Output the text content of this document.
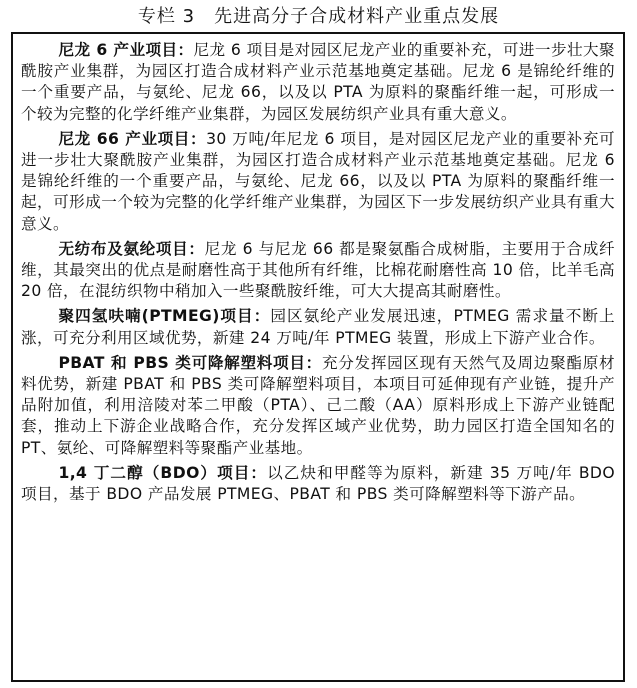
专栏 3　先进高分子合成材料产业重点发展

尼龙 6 产业项目：尼龙 6 项目是对园区尼龙产业的重要补充，可进一步壮大聚酰胺产业集群，为园区打造合成材料产业示范基地奠定基础。尼龙 6 是锦纶纤维的一个重要产品，与氨纶、尼龙 66，以及以 PTA 为原料的聚酯纤维一起，可形成一个较为完整的化学纤维产业集群，为园区发展纺织产业具有重大意义。

尼龙 66 产业项目：30 万吨/年尼龙 6 项目，是对园区尼龙产业的重要补充可进一步壮大聚酰胺产业集群，为园区打造合成材料产业示范基地奠定基础。尼龙 6 是锦纶纤维的一个重要产品，与氨纶、尼龙 66，以及以 PTA 为原料的聚酯纤维一起，可形成一个较为完整的化学纤维产业集群，为园区下一步发展纺织产业具有重大意义。

无纺布及氨纶项目：尼龙 6 与尼龙 66 都是聚氨酯合成树脂，主要用于合成纤维，其最突出的优点是耐磨性高于其他所有纤维，比棉花耐磨性高 10 倍，比羊毛高 20 倍，在混纺织物中稍加入一些聚酰胺纤维，可大大提高其耐磨性。

聚四氢呋喃(PTMEG)项目：园区氨纶产业发展迅速，PTMEG 需求量不断上涨，可充分利用区域优势，新建 24 万吨/年 PTMEG 装置，形成上下游产业合作。

PBAT 和 PBS 类可降解塑料项目：充分发挥园区现有天然气及周边聚酯原材料优势，新建 PBAT 和 PBS 类可降解塑料项目，本项目可延伸现有产业链，提升产品附加值，利用涪陵对苯二甲酸（PTA）、己二酸（AA）原料形成上下游产业链配套，推动上下游企业战略合作，充分发挥区域产业优势，助力园区打造全国知名的 PT、氨纶、可降解塑料等聚酯产业基地。

1,4 丁二醇（BDO）项目：以乙炔和甲醛等为原料，新建 35 万吨/年 BDO 项目，基于 BDO 产品发展 PTMEG、PBAT 和 PBS 类可降解塑料等下游产品。
